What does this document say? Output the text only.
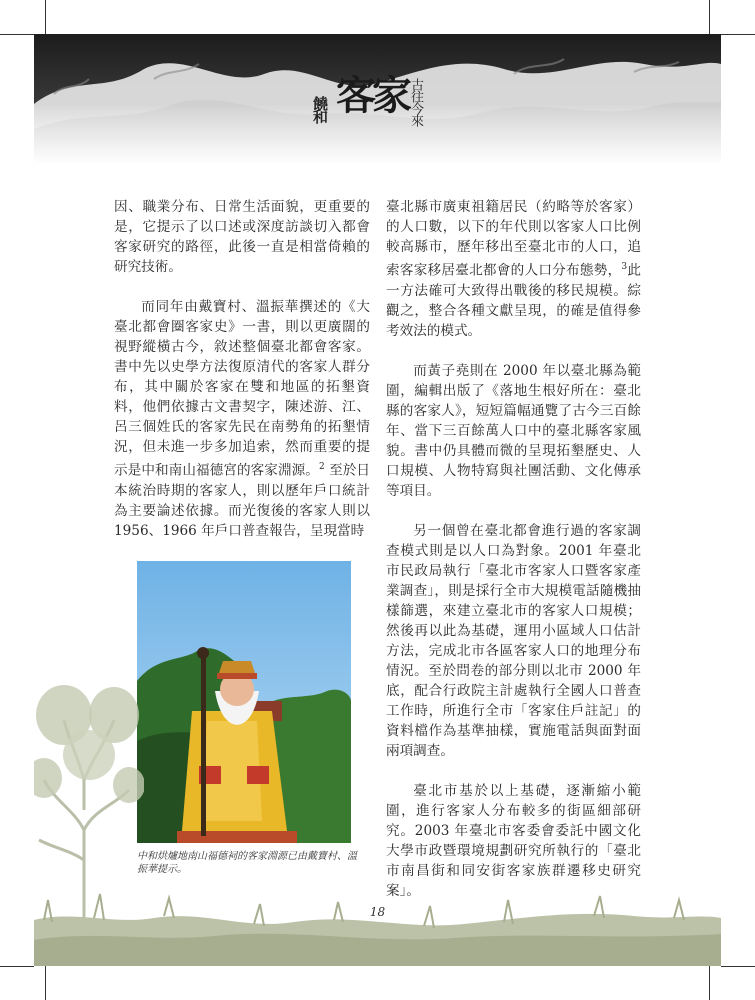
饒和 客家 古往今來

因、職業分布、日常生活面貌，更重要的是，它提示了以口述或深度訪談切入都會客家研究的路徑，此後一直是相當倚賴的研究技術。

而同年由戴寶村、溫振華撰述的《大臺北都會圈客家史》一書，則以更廣闊的視野縱橫古今，敘述整個臺北都會客家。書中先以史學方法復原清代的客家人群分布，其中關於客家在雙和地區的拓墾資料，他們依據古文書契字，陳述游、江、呂三個姓氏的客家先民在南勢角的拓墾情況，但未進一步多加追索，然而重要的提示是中和南山福德宮的客家淵源。$^2$ 至於日本統治時期的客家人，則以歷年戶口統計為主要論述依據。而光復後的客家人則以 1956、1966 年戶口普查報告，呈現當時

臺北縣市廣東祖籍居民（約略等於客家）的人口數，以下的年代則以客家人口比例較高縣市，歷年移出至臺北市的人口，追索客家移居臺北都會的人口分布態勢，$^3$此一方法確可大致得出戰後的移民規模。綜觀之，整合各種文獻呈現，的確是值得參考效法的模式。

而黃子堯則在 2000 年以臺北縣為範圍，編輯出版了《落地生根好所在：臺北縣的客家人》，短短篇幅通覽了古今三百餘年、當下三百餘萬人口中的臺北縣客家風貌。書中仍具體而微的呈現拓墾歷史、人口規模、人物特寫與社團活動、文化傳承等項目。

另一個曾在臺北都會進行過的客家調查模式則是以人口為對象。2001 年臺北市民政局執行「臺北市客家人口暨客家產業調查」，則是採行全市大規模電話隨機抽樣篩選，來建立臺北市的客家人口規模；然後再以此為基礎，運用小區域人口估計方法，完成北市各區客家人口的地理分布情況。至於問卷的部分則以北市 2000 年底，配合行政院主計處執行全國人口普查工作時，所進行全市「客家住戶註記」的資料檔作為基準抽樣，實施電話與面對面兩項調查。

臺北市基於以上基礎，逐漸縮小範圍，進行客家人分布較多的街區細部研究。2003 年臺北市客委會委託中國文化大學市政暨環境規劃研究所執行的「臺北市南昌街和同安街客家族群遷移史研究案」。

中和烘爐地南山福德祠的客家淵源已由戴寶村、溫振華提示。
18
